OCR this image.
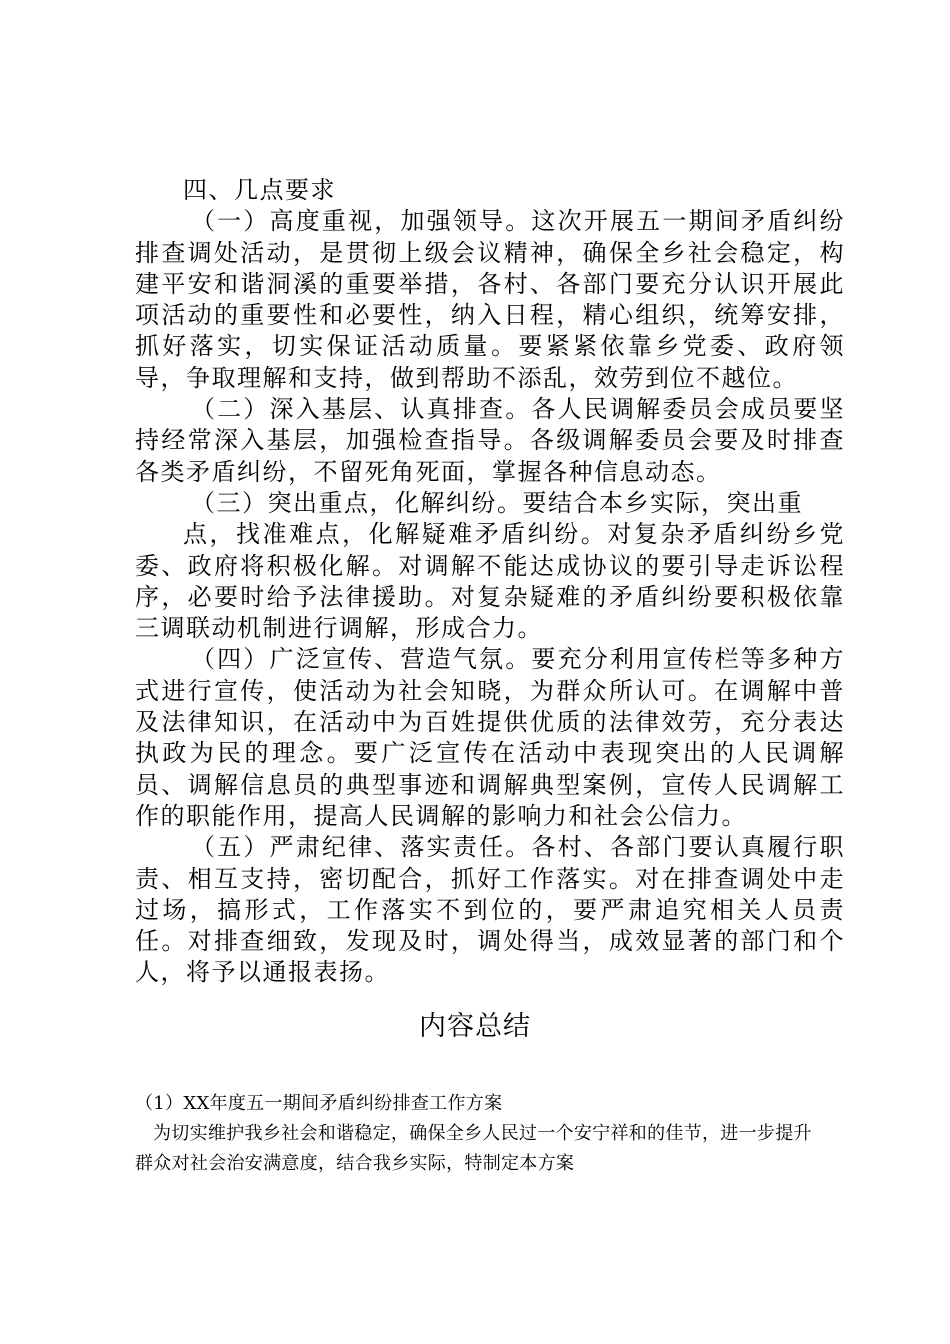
四、几点要求

（一）高度重视，加强领导。这次开展五一期间矛盾纠纷排查调处活动，是贯彻上级会议精神，确保全乡社会稳定，构建平安和谐洞溪的重要举措，各村、各部门要充分认识开展此项活动的重要性和必要性，纳入日程，精心组织，统筹安排，抓好落实，切实保证活动质量。要紧紧依靠乡党委、政府领导，争取理解和支持，做到帮助不添乱，效劳到位不越位。

（二）深入基层、认真排查。各人民调解委员会成员要坚持经常深入基层，加强检查指导。各级调解委员会要及时排查各类矛盾纠纷，不留死角死面，掌握各种信息动态。

（三）突出重点，化解纠纷。要结合本乡实际，突出重

点，找准难点，化解疑难矛盾纠纷。对复杂矛盾纠纷乡党委、政府将积极化解。对调解不能达成协议的要引导走诉讼程序，必要时给予法律援助。对复杂疑难的矛盾纠纷要积极依靠三调联动机制进行调解，形成合力。

（四）广泛宣传、营造气氛。要充分利用宣传栏等多种方式进行宣传，使活动为社会知晓，为群众所认可。在调解中普及法律知识，在活动中为百姓提供优质的法律效劳，充分表达执政为民的理念。要广泛宣传在活动中表现突出的人民调解员、调解信息员的典型事迹和调解典型案例，宣传人民调解工作的职能作用，提高人民调解的影响力和社会公信力。

（五）严肃纪律、落实责任。各村、各部门要认真履行职责、相互支持，密切配合，抓好工作落实。对在排查调处中走过场，搞形式，工作落实不到位的，要严肃追究相关人员责任。对排查细致，发现及时，调处得当，成效显著的部门和个人，将予以通报表扬。

内容总结

（1）XX年度五一期间矛盾纠纷排查工作方案

为切实维护我乡社会和谐稳定，确保全乡人民过一个安宁祥和的佳节，进一步提升群众对社会治安满意度，结合我乡实际，特制定本方案
